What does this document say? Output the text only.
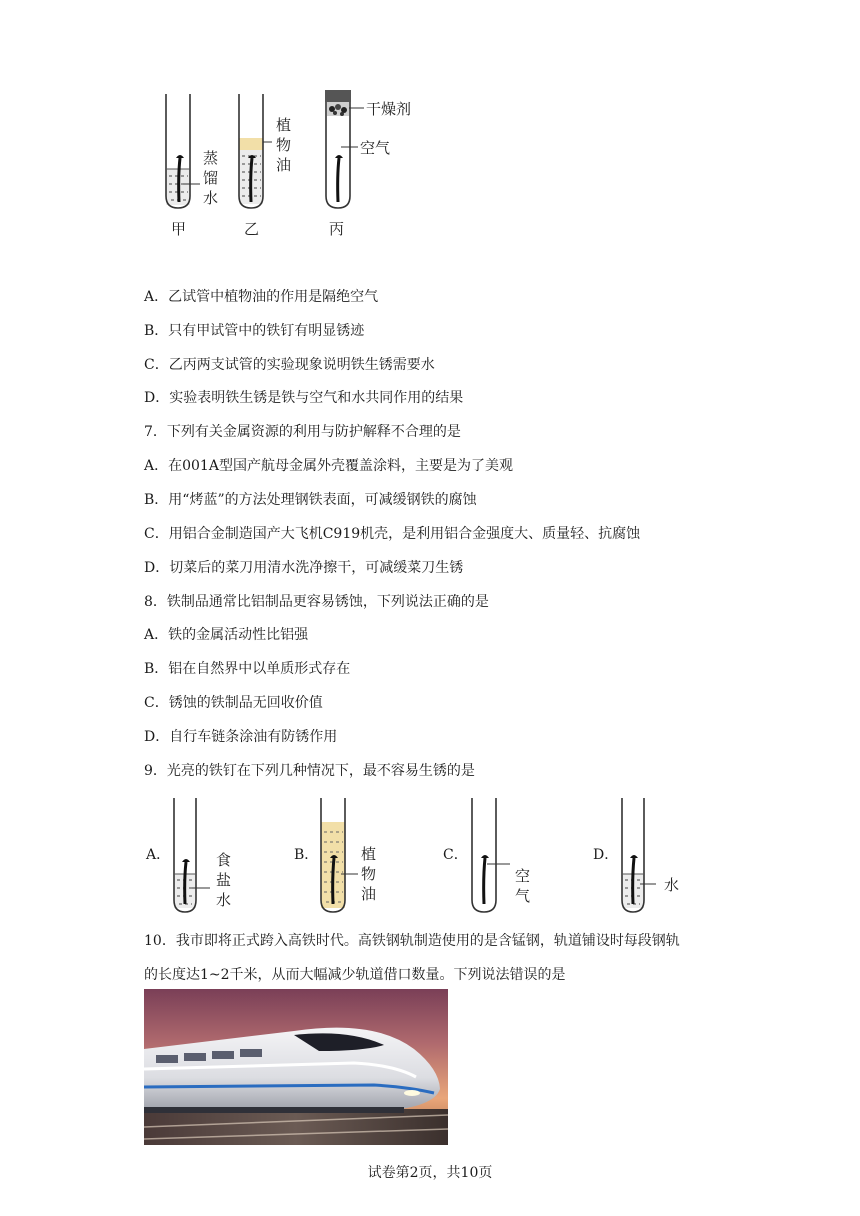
蒸
馏
水
植
物
油
干燥剂
空气
甲	乙	丙
A．乙试管中植物油的作用是隔绝空气
B．只有甲试管中的铁钉有明显锈迹
C．乙丙两支试管的实验现象说明铁生锈需要水
D．实验表明铁生锈是铁与空气和水共同作用的结果
7．下列有关金属资源的利用与防护解释不合理的是
A．在001A型国产航母金属外壳覆盖涂料，主要是为了美观
B．用“烤蓝”的方法处理钢铁表面，可减缓钢铁的腐蚀
C．用铝合金制造国产大飞机C919机壳，是利用铝合金强度大、质量轻、抗腐蚀
D．切菜后的菜刀用清水洗净擦干，可减缓菜刀生锈
8．铁制品通常比铝制品更容易锈蚀，下列说法正确的是
A．铁的金属活动性比铝强
B．铝在自然界中以单质形式存在
C．锈蚀的铁制品无回收价值
D．自行车链条涂油有防锈作用
9．光亮的铁钉在下列几种情况下，最不容易生锈的是
A．	B．	C．	D．
食
盐
水
植
物
油
空
气
水
10．我市即将正式跨入高铁时代。高铁钢轨制造使用的是含锰钢，轨道铺设时每段钢轨
的长度达1~2千米，从而大幅减少轨道借口数量。下列说法错误的是
试卷第2页，共10页
